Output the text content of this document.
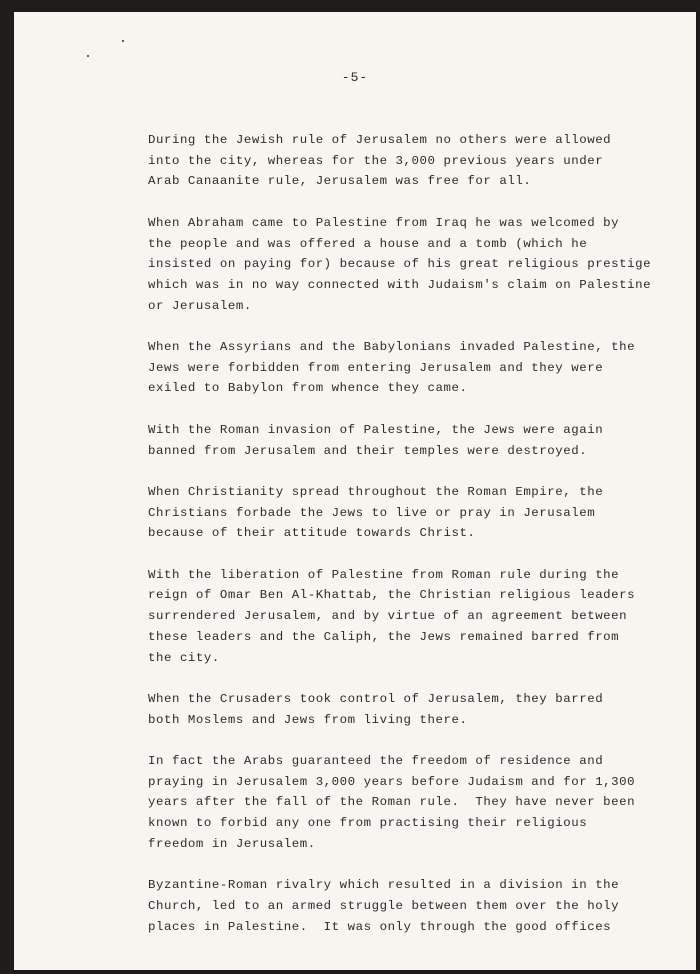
-5-
During the Jewish rule of Jerusalem no others were allowed
into the city, whereas for the 3,000 previous years under
Arab Canaanite rule, Jerusalem was free for all.
When Abraham came to Palestine from Iraq he was welcomed by
the people and was offered a house and a tomb (which he
insisted on paying for) because of his great religious prestige
which was in no way connected with Judaism's claim on Palestine
or Jerusalem.
When the Assyrians and the Babylonians invaded Palestine, the
Jews were forbidden from entering Jerusalem and they were
exiled to Babylon from whence they came.
With the Roman invasion of Palestine, the Jews were again
banned from Jerusalem and their temples were destroyed.
When Christianity spread throughout the Roman Empire, the
Christians forbade the Jews to live or pray in Jerusalem
because of their attitude towards Christ.
With the liberation of Palestine from Roman rule during the
reign of Omar Ben Al-Khattab, the Christian religious leaders
surrendered Jerusalem, and by virtue of an agreement between
these leaders and the Caliph, the Jews remained barred from
the city.
When the Crusaders took control of Jerusalem, they barred
both Moslems and Jews from living there.
In fact the Arabs guaranteed the freedom of residence and
praying in Jerusalem 3,000 years before Judaism and for 1,300
years after the fall of the Roman rule.  They have never been
known to forbid any one from practising their religious
freedom in Jerusalem.
Byzantine-Roman rivalry which resulted in a division in the
Church, led to an armed struggle between them over the holy
places in Palestine.  It was only through the good offices
